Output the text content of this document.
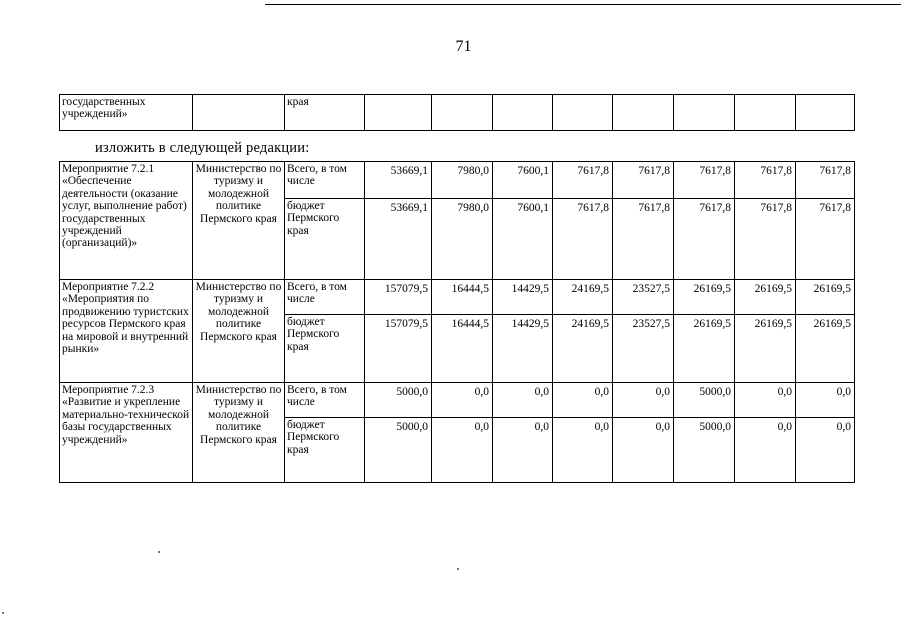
71
государственных учреждений»		края								
изложить в следующей редакции:
Мероприятие 7.2.1 «Обеспечение деятельности (оказание услуг, выполнение работ) государственных учреждений (организаций)»	Министерство по туризму и молодежной политике Пермского края	Всего, в том числе	53669,1	7980,0	7600,1	7617,8	7617,8	7617,8	7617,8	7617,8
		бюджет Пермского края	53669,1	7980,0	7600,1	7617,8	7617,8	7617,8	7617,8	7617,8
Мероприятие 7.2.2 «Мероприятия по продвижению туристских ресурсов Пермского края на мировой и внутренний рынки»	Министерство по туризму и молодежной политике Пермского края	Всего, в том числе	157079,5	16444,5	14429,5	24169,5	23527,5	26169,5	26169,5	26169,5
		бюджет Пермского края	157079,5	16444,5	14429,5	24169,5	23527,5	26169,5	26169,5	26169,5
Мероприятие 7.2.3 «Развитие и укрепление материально-технической базы государственных учреждений»	Министерство по туризму и молодежной политике Пермского края	Всего, в том числе	5000,0	0,0	0,0	0,0	0,0	5000,0	0,0	0,0
		бюджет Пермского края	5000,0	0,0	0,0	0,0	0,0	5000,0	0,0	0,0
